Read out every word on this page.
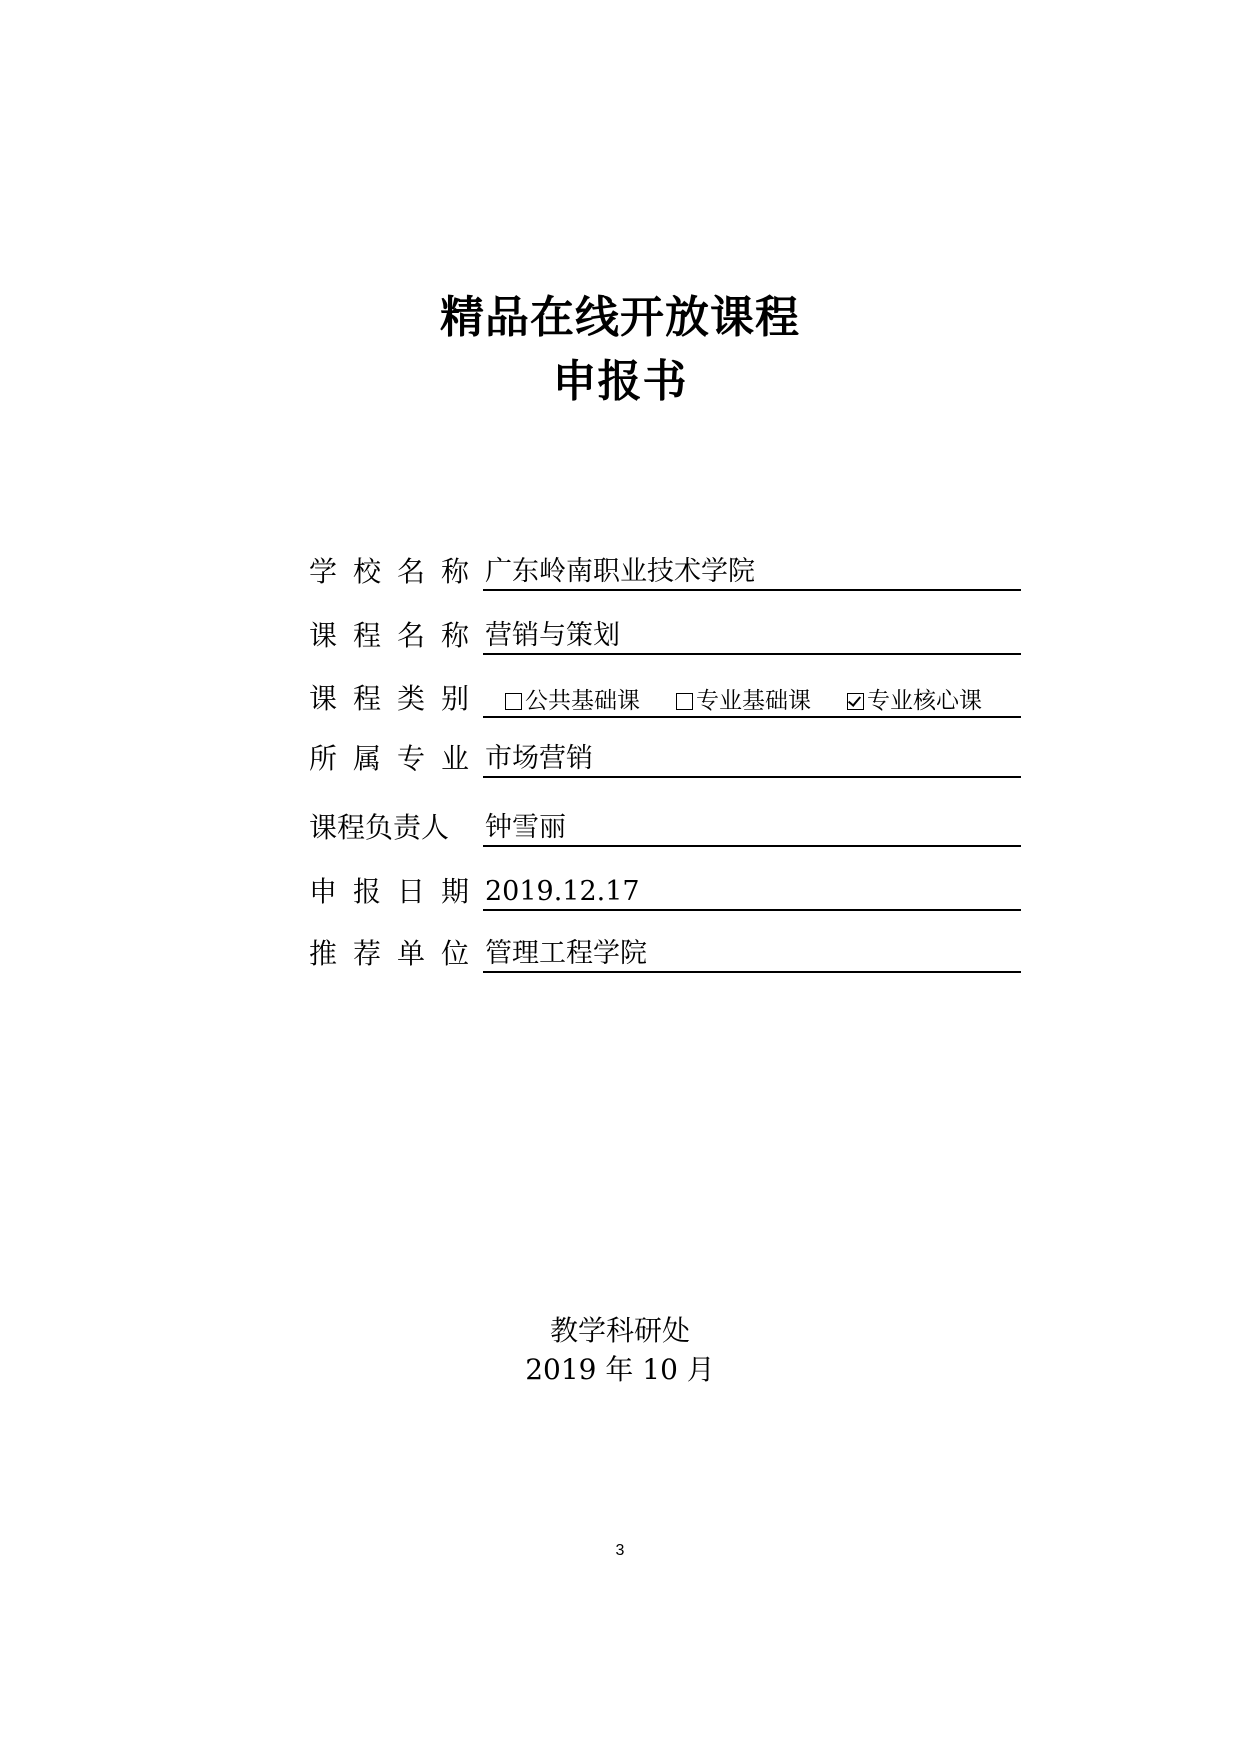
精品在线开放课程
申报书
学校名称 广东岭南职业技术学院
课程名称 营销与策划
课程类别 公共基础课 专业基础课 专业核心课
所属专业 市场营销
课程负责人 钟雪丽
申报日期 2019.12.17
推荐单位 管理工程学院
教学科研处
2019 年 10 月
3
